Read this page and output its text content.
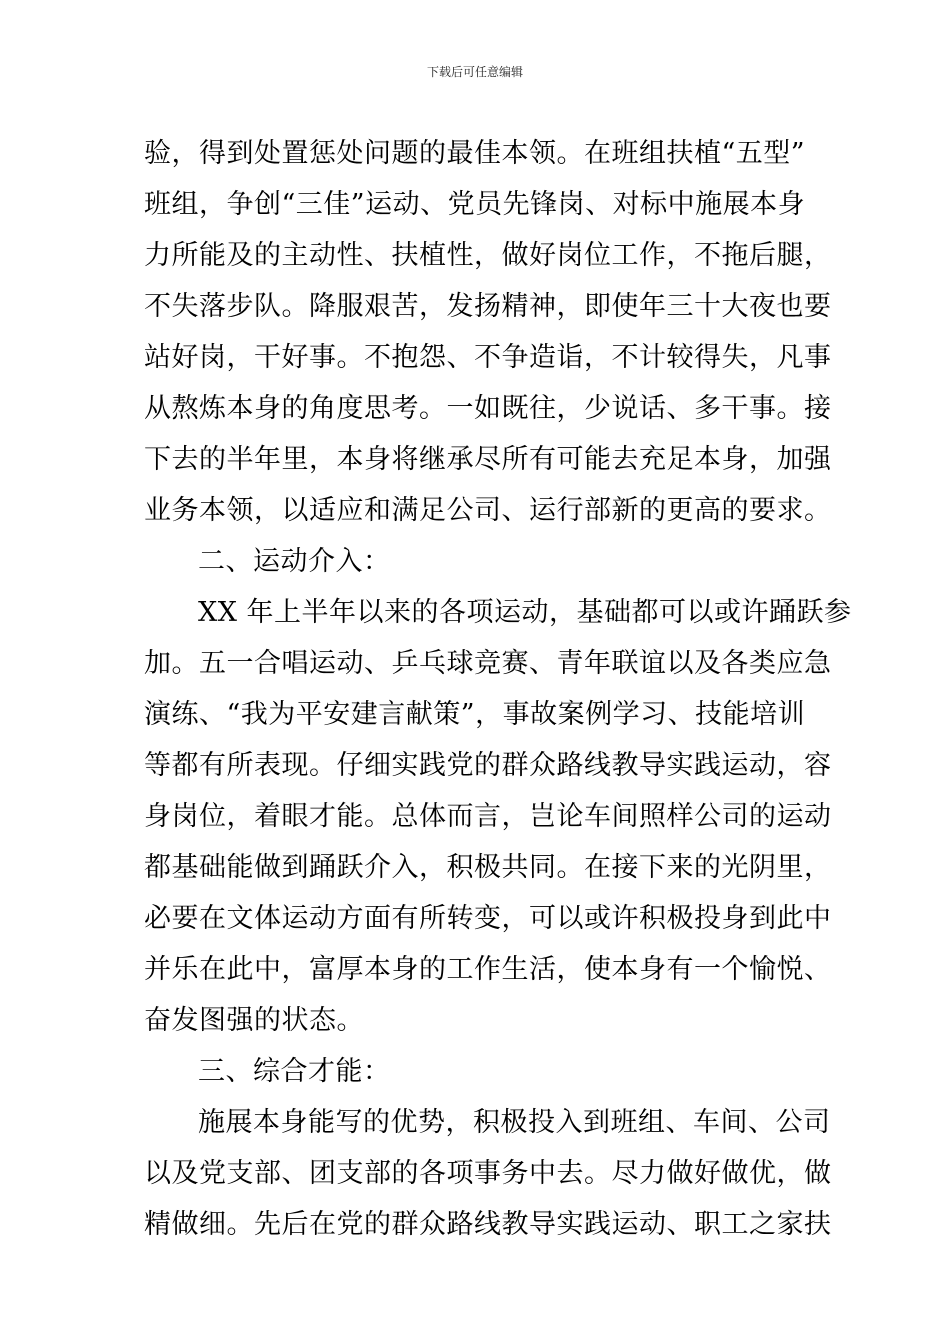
下载后可任意编辑
验，得到处置惩处问题的最佳本领。在班组扶植“五型”
班组，争创“三佳”运动、党员先锋岗、对标中施展本身
力所能及的主动性、扶植性，做好岗位工作，不拖后腿，
不失落步队。降服艰苦，发扬精神，即使年三十大夜也要
站好岗，干好事。不抱怨、不争造诣，不计较得失，凡事
从熬炼本身的角度思考。一如既往，少说话、多干事。接
下去的半年里，本身将继承尽所有可能去充足本身，加强
业务本领，以适应和满足公司、运行部新的更高的要求。
二、运动介入：
XX 年上半年以来的各项运动，基础都可以或许踊跃参
加。五一合唱运动、乒乓球竞赛、青年联谊以及各类应急
演练、“我为平安建言献策”，事故案例学习、技能培训
等都有所表现。仔细实践党的群众路线教导实践运动，容
身岗位，着眼才能。总体而言，岂论车间照样公司的运动
都基础能做到踊跃介入，积极共同。在接下来的光阴里，
必要在文体运动方面有所转变，可以或许积极投身到此中
并乐在此中，富厚本身的工作生活，使本身有一个愉悦、
奋发图强的状态。
三、综合才能：
施展本身能写的优势，积极投入到班组、车间、公司
以及党支部、团支部的各项事务中去。尽力做好做优，做
精做细。先后在党的群众路线教导实践运动、职工之家扶
